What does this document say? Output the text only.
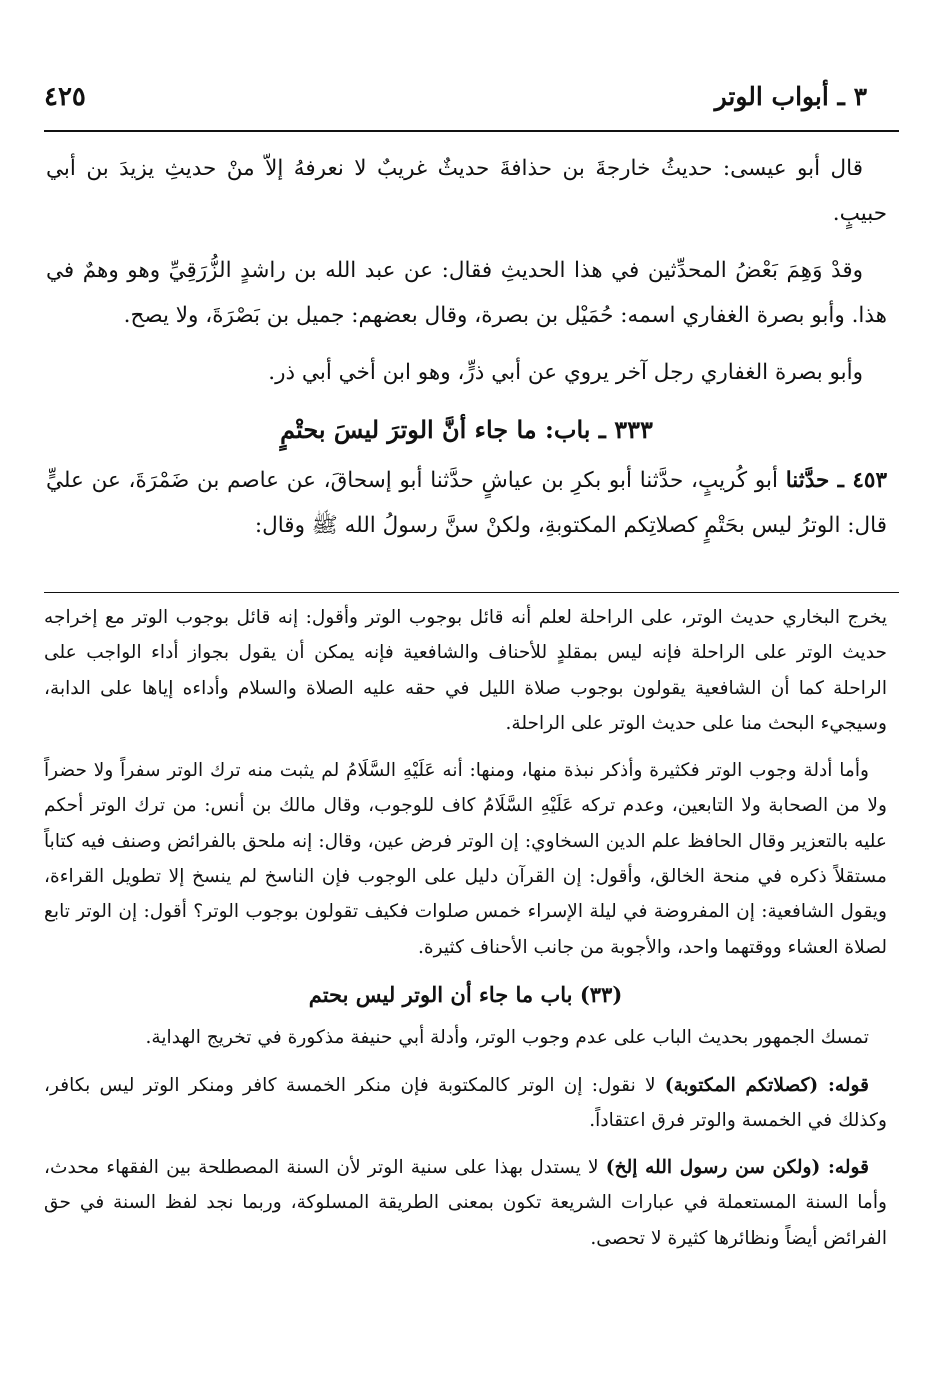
٣ ـ أبواب الوتر
٤٢٥

قال أبو عيسى: حديثُ خارجةَ بن حذافةَ حديثٌ غريبٌ لا نعرفهُ إلاّ منْ حديثِ يزيدَ بن أبي حبيبٍ.

وقدْ وَهِمَ بَعْضُ المحدِّثين في هذا الحديثِ فقال: عن عبد الله بن راشدٍ الزُّرَقِيِّ وهو وهمٌ في هذا. وأبو بصرة الغفاري اسمه: حُمَيْل بن بصرة، وقال بعضهم: جميل بن بَصْرَةَ، ولا يصح.

وأبو بصرة الغفاري رجل آخر يروي عن أبي ذرٍّ، وهو ابن أخي أبي ذر.

٣٣٣ ـ باب: ما جاء أنَّ الوترَ ليسَ بحتْمٍ

٤٥٣ ـ حدَّثنا أبو كُريبٍ، حدَّثنا أبو بكرِ بن عياشٍ حدَّثنا أبو إسحاقَ، عن عاصم بن ضَمْرَةَ، عن عليٍّ قال: الوترُ ليس بحَتْمٍ كصلاتِكم المكتوبةِ، ولكنْ سنَّ رسولُ الله ﷺ وقال:

يخرج البخاري حديث الوتر، على الراحلة لعلم أنه قائل بوجوب الوتر وأقول: إنه قائل بوجوب الوتر مع إخراجه حديث الوتر على الراحلة فإنه ليس بمقلدٍ للأحناف والشافعية فإنه يمكن أن يقول بجواز أداء الواجب على الراحلة كما أن الشافعية يقولون بوجوب صلاة الليل في حقه عليه الصلاة والسلام وأداءه إياها على الدابة، وسيجيء البحث منا على حديث الوتر على الراحلة.

وأما أدلة وجوب الوتر فكثيرة وأذكر نبذة منها، ومنها: أنه عَلَيْهِ السَّلَامُ لم يثبت منه ترك الوتر سفراً ولا حضراً ولا من الصحابة ولا التابعين، وعدم تركه عَلَيْهِ السَّلَامُ كاف للوجوب، وقال مالك بن أنس: من ترك الوتر أحكم عليه بالتعزير وقال الحافظ علم الدين السخاوي: إن الوتر فرض عين، وقال: إنه ملحق بالفرائض وصنف فيه كتاباً مستقلاً ذكره في منحة الخالق، وأقول: إن القرآن دليل على الوجوب فإن الناسخ لم ينسخ إلا تطويل القراءة، ويقول الشافعية: إن المفروضة في ليلة الإسراء خمس صلوات فكيف تقولون بوجوب الوتر؟ أقول: إن الوتر تابع لصلاة العشاء ووقتهما واحد، والأجوبة من جانب الأحناف كثيرة.

(٣٣) باب ما جاء أن الوتر ليس بحتم

تمسك الجمهور بحديث الباب على عدم وجوب الوتر، وأدلة أبي حنيفة مذكورة في تخريج الهداية.

قوله: (كصلاتكم المكتوبة) لا نقول: إن الوتر كالمكتوبة فإن منكر الخمسة كافر ومنكر الوتر ليس بكافر، وكذلك في الخمسة والوتر فرق اعتقاداً.

قوله: (ولكن سن رسول الله إلخ) لا يستدل بهذا على سنية الوتر لأن السنة المصطلحة بين الفقهاء محدث، وأما السنة المستعملة في عبارات الشريعة تكون بمعنى الطريقة المسلوكة، وربما نجد لفظ السنة في حق الفرائض أيضاً ونظائرها كثيرة لا تحصى.
